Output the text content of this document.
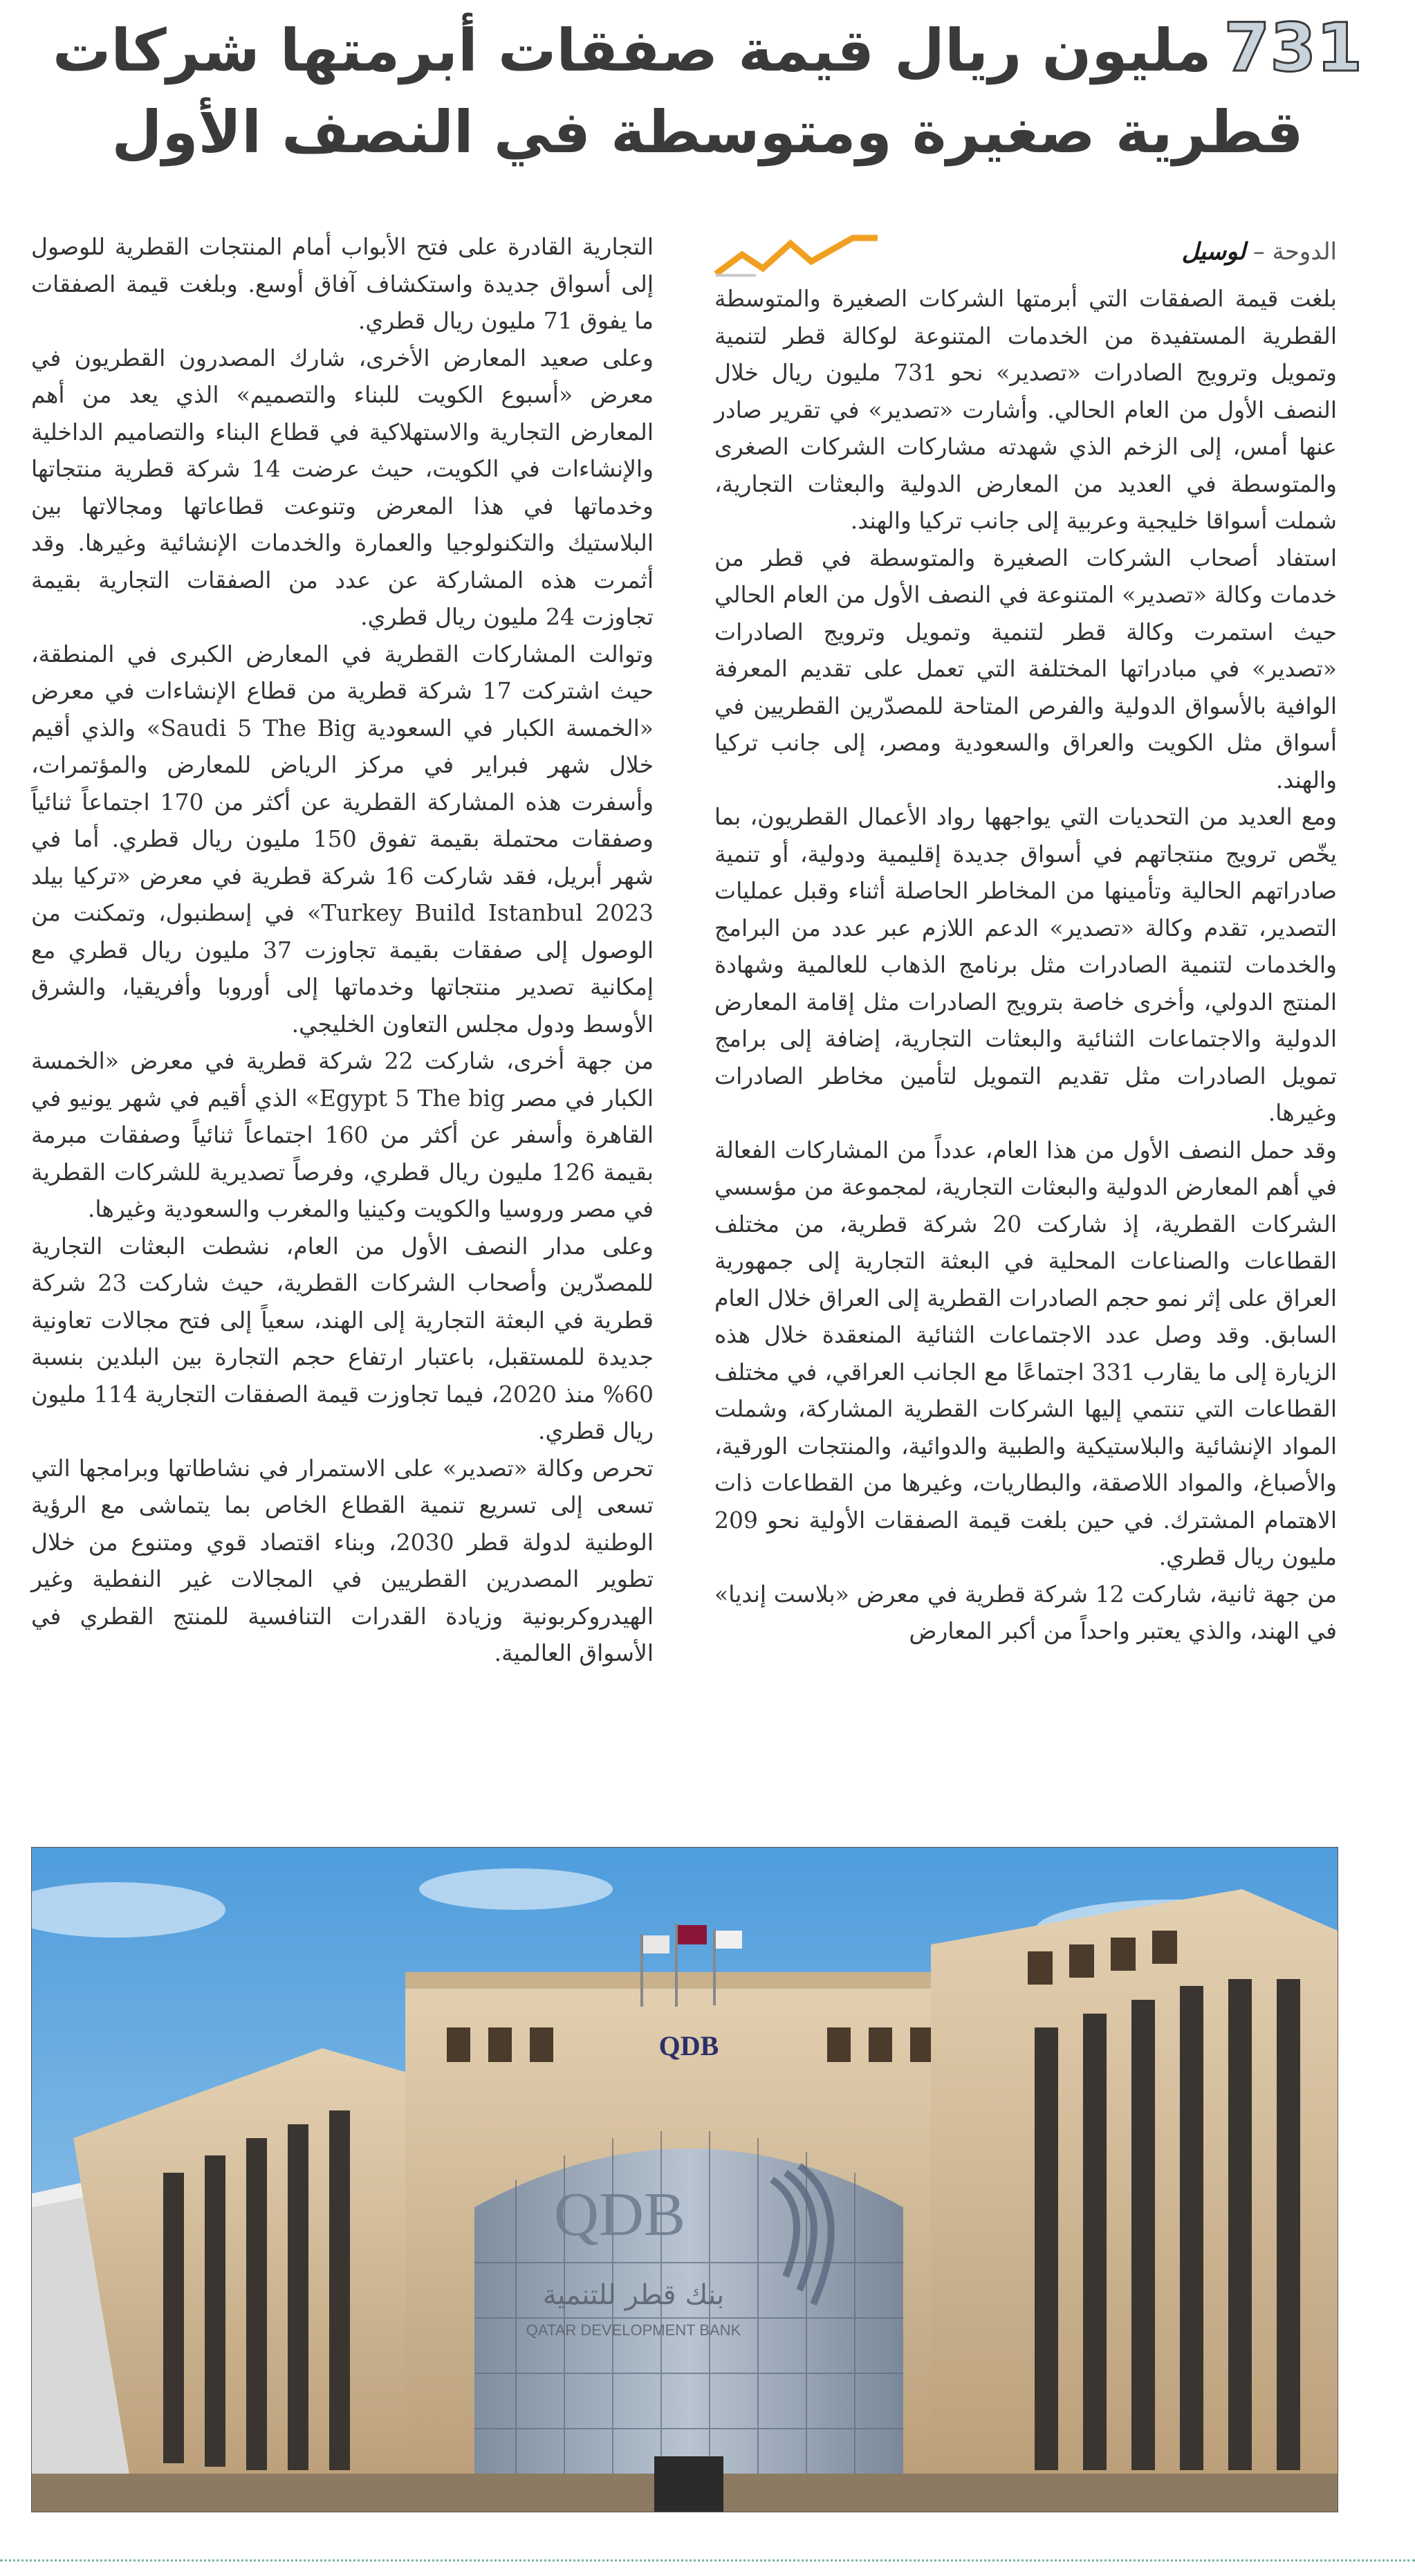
731مليون ريال قيمة صفقات أبرمتها شركات

قطرية صغيرة ومتوسطة في النصف الأول

الدوحة – لوسيل

بلغت قيمة الصفقات التي أبرمتها الشركات الصغيرة والمتوسطة القطرية المستفيدة من الخدمات المتنوعة لوكالة قطر لتنمية وتمويل وترويج الصادرات «تصدير» نحو 731 مليون ريال خلال النصف الأول من العام الحالي. وأشارت «تصدير» في تقرير صادر عنها أمس، إلى الزخم الذي شهدته مشاركات الشركات الصغرى والمتوسطة في العديد من المعارض الدولية والبعثات التجارية، شملت أسواقا خليجية وعربية إلى جانب تركيا والهند.

استفاد أصحاب الشركات الصغيرة والمتوسطة في قطر من خدمات وكالة «تصدير» المتنوعة في النصف الأول من العام الحالي حيث استمرت وكالة قطر لتنمية وتمويل وترويج الصادرات «تصدير» في مبادراتها المختلفة التي تعمل على تقديم المعرفة الوافية بالأسواق الدولية والفرص المتاحة للمصدّرين القطريين في أسواق مثل الكويت والعراق والسعودية ومصر، إلى جانب تركيا والهند.

ومع العديد من التحديات التي يواجهها رواد الأعمال القطريون، بما يخّص ترويج منتجاتهم في أسواق جديدة إقليمية ودولية، أو تنمية صادراتهم الحالية وتأمينها من المخاطر الحاصلة أثناء وقبل عمليات التصدير، تقدم وكالة «تصدير» الدعم اللازم عبر عدد من البرامج والخدمات لتنمية الصادرات مثل برنامج الذهاب للعالمية وشهادة المنتج الدولي، وأخرى خاصة بترويج الصادرات مثل إقامة المعارض الدولية والاجتماعات الثنائية والبعثات التجارية، إضافة إلى برامج تمويل الصادرات مثل تقديم التمويل لتأمين مخاطر الصادرات وغيرها.

وقد حمل النصف الأول من هذا العام، عدداً من المشاركات الفعالة في أهم المعارض الدولية والبعثات التجارية، لمجموعة من مؤسسي الشركات القطرية، إذ شاركت 20 شركة قطرية، من مختلف القطاعات والصناعات المحلية في البعثة التجارية إلى جمهورية العراق على إثر نمو حجم الصادرات القطرية إلى العراق خلال العام السابق. وقد وصل عدد الاجتماعات الثنائية المنعقدة خلال هذه الزيارة إلى ما يقارب 331 اجتماعًا مع الجانب العراقي، في مختلف القطاعات التي تنتمي إليها الشركات القطرية المشاركة، وشملت المواد الإنشائية والبلاستيكية والطبية والدوائية، والمنتجات الورقية، والأصباغ، والمواد اللاصقة، والبطاريات، وغيرها من القطاعات ذات الاهتمام المشترك. في حين بلغت قيمة الصفقات الأولية نحو 209 مليون ريال قطري.

من جهة ثانية، شاركت 12 شركة قطرية في معرض «بلاست إنديا» في الهند، والذي يعتبر واحداً من أكبر المعارض

التجارية القادرة على فتح الأبواب أمام المنتجات القطرية للوصول إلى أسواق جديدة واستكشاف آفاق أوسع. وبلغت قيمة الصفقات ما يفوق 71 مليون ريال قطري.

وعلى صعيد المعارض الأخرى، شارك المصدرون القطريون في معرض «أسبوع الكويت للبناء والتصميم» الذي يعد من أهم المعارض التجارية والاستهلاكية في قطاع البناء والتصاميم الداخلية والإنشاءات في الكويت، حيث عرضت 14 شركة قطرية منتجاتها وخدماتها في هذا المعرض وتنوعت قطاعاتها ومجالاتها بين البلاستيك والتكنولوجيا والعمارة والخدمات الإنشائية وغيرها. وقد أثمرت هذه المشاركة عن عدد من الصفقات التجارية بقيمة تجاوزت 24 مليون ريال قطري.

وتوالت المشاركات القطرية في المعارض الكبرى في المنطقة، حيث اشتركت 17 شركة قطرية من قطاع الإنشاءات في معرض «الخمسة الكبار في السعودية Saudi 5 The Big» والذي أقيم خلال شهر فبراير في مركز الرياض للمعارض والمؤتمرات، وأسفرت هذه المشاركة القطرية عن أكثر من 170 اجتماعاً ثنائياً وصفقات محتملة بقيمة تفوق 150 مليون ريال قطري. أما في شهر أبريل، فقد شاركت 16 شركة قطرية في معرض «تركيا بيلد Turkey Build Istanbul 2023» في إسطنبول، وتمكنت من الوصول إلى صفقات بقيمة تجاوزت 37 مليون ريال قطري مع إمكانية تصدير منتجاتها وخدماتها إلى أوروبا وأفريقيا، والشرق الأوسط ودول مجلس التعاون الخليجي.

من جهة أخرى، شاركت 22 شركة قطرية في معرض «الخمسة الكبار في مصر Egypt 5 The big» الذي أقيم في شهر يونيو في القاهرة وأسفر عن أكثر من 160 اجتماعاً ثنائياً وصفقات مبرمة بقيمة 126 مليون ريال قطري، وفرصاً تصديرية للشركات القطرية في مصر وروسيا والكويت وكينيا والمغرب والسعودية وغيرها.

وعلى مدار النصف الأول من العام، نشطت البعثات التجارية للمصدّرين وأصحاب الشركات القطرية، حيث شاركت 23 شركة قطرية في البعثة التجارية إلى الهند، سعياً إلى فتح مجالات تعاونية جديدة للمستقبل، باعتبار ارتفاع حجم التجارة بين البلدين بنسبة 60% منذ 2020، فيما تجاوزت قيمة الصفقات التجارية 114 مليون ريال قطري.

تحرص وكالة «تصدير» على الاستمرار في نشاطاتها وبرامجها التي تسعى إلى تسريع تنمية القطاع الخاص بما يتماشى مع الرؤية الوطنية لدولة قطر 2030، وبناء اقتصاد قوي ومتنوع من خلال تطوير المصدرين القطريين في المجالات غير النفطية وغير الهيدروكربونية وزيادة القدرات التنافسية للمنتج القطري في الأسواق العالمية.

QDB
QDB
بنك قطر للتنمية
QATAR DEVELOPMENT BANK
